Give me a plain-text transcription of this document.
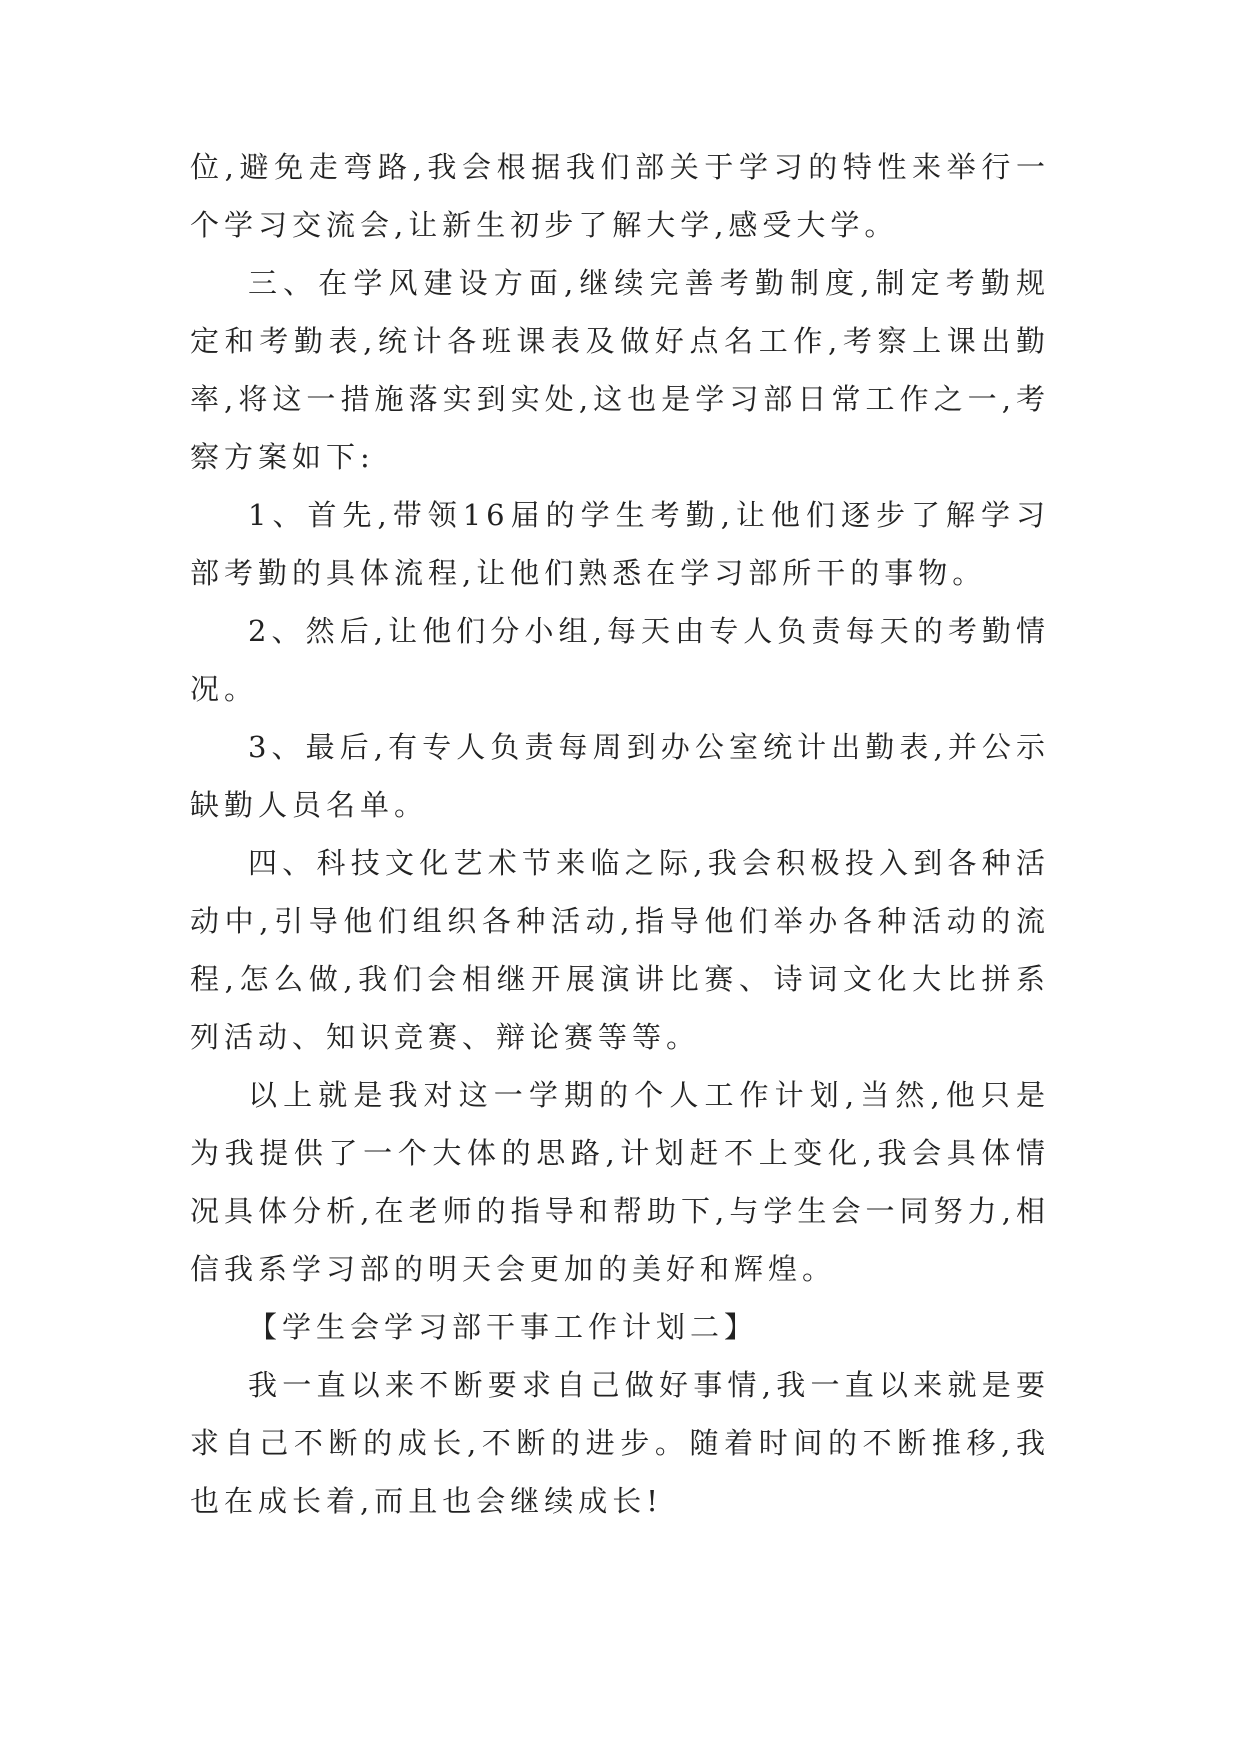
位,避免走弯路,我会根据我们部关于学习的特性来举行一个学习交流会,让新生初步了解大学,感受大学。

三、在学风建设方面,继续完善考勤制度,制定考勤规定和考勤表,统计各班课表及做好点名工作,考察上课出勤率,将这一措施落实到实处,这也是学习部日常工作之一,考察方案如下:

1、首先,带领16届的学生考勤,让他们逐步了解学习部考勤的具体流程,让他们熟悉在学习部所干的事物。

2、然后,让他们分小组,每天由专人负责每天的考勤情况。

3、最后,有专人负责每周到办公室统计出勤表,并公示缺勤人员名单。

四、科技文化艺术节来临之际,我会积极投入到各种活动中,引导他们组织各种活动,指导他们举办各种活动的流程,怎么做,我们会相继开展演讲比赛、诗词文化大比拼系列活动、知识竞赛、辩论赛等等。

以上就是我对这一学期的个人工作计划,当然,他只是为我提供了一个大体的思路,计划赶不上变化,我会具体情况具体分析,在老师的指导和帮助下,与学生会一同努力,相信我系学习部的明天会更加的美好和辉煌。

【学生会学习部干事工作计划二】

我一直以来不断要求自己做好事情,我一直以来就是要求自己不断的成长,不断的进步。随着时间的不断推移,我也在成长着,而且也会继续成长!
